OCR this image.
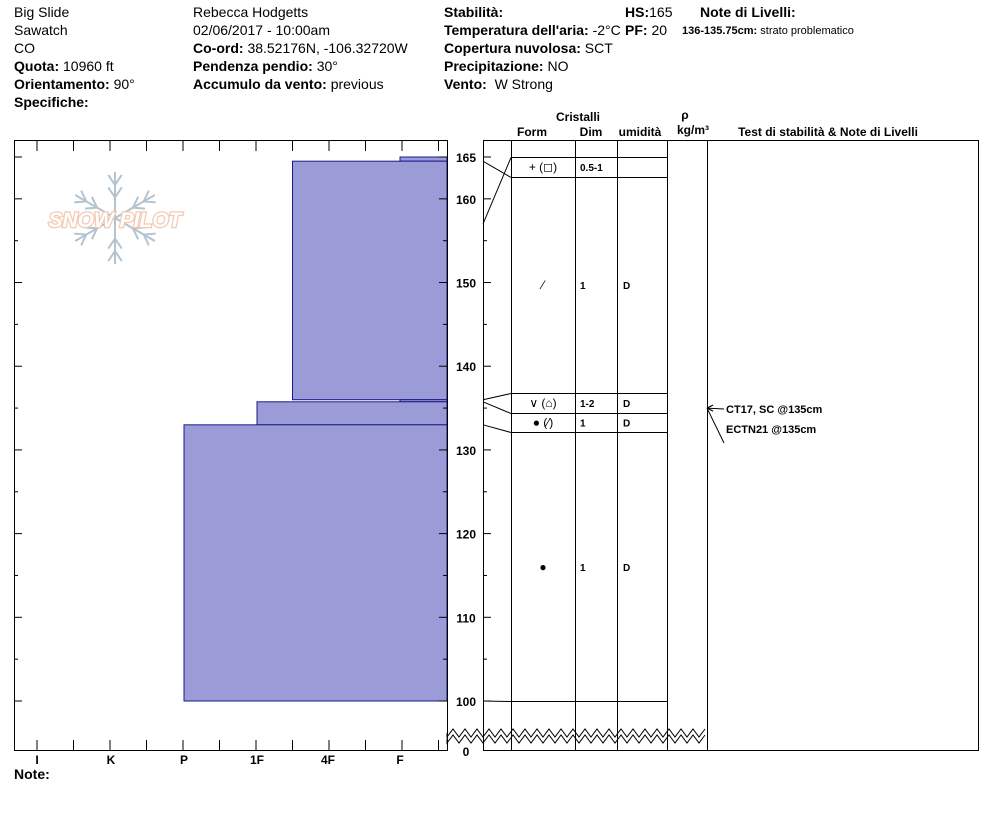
Big Slide
Sawatch
CO
Quota: 10960 ft
Orientamento: 90°
Specifiche:
Rebecca Hodgetts
02/06/2017 - 10:00am
Co-ord: 38.52176N, -106.32720W
Pendenza pendio: 30°
Accumulo da vento: previous
Stabilità:
Temperatura dell'aria: -2°C
Copertura nuvolosa: SCT
Precipitazione: NO
Vento: W Strong
HS:165
PF: 20
Note di Livelli:
136-135.75cm: strato problematico
Note:
SNOW PILOT
165
160
150
140
130
120
110
100
0
I	K	P	1F	4F	F
Cristalli
Form	Dim umidità
ρ
kg/m³ Test di stabilità & Note di Livelli
+ (◻) 0.5-1
⁄	1	D
∨ (⌂) 1-2	D
● (⁄)	1	D
●	1	D
CT17, SC @135cm
ECTN21 @135cm
